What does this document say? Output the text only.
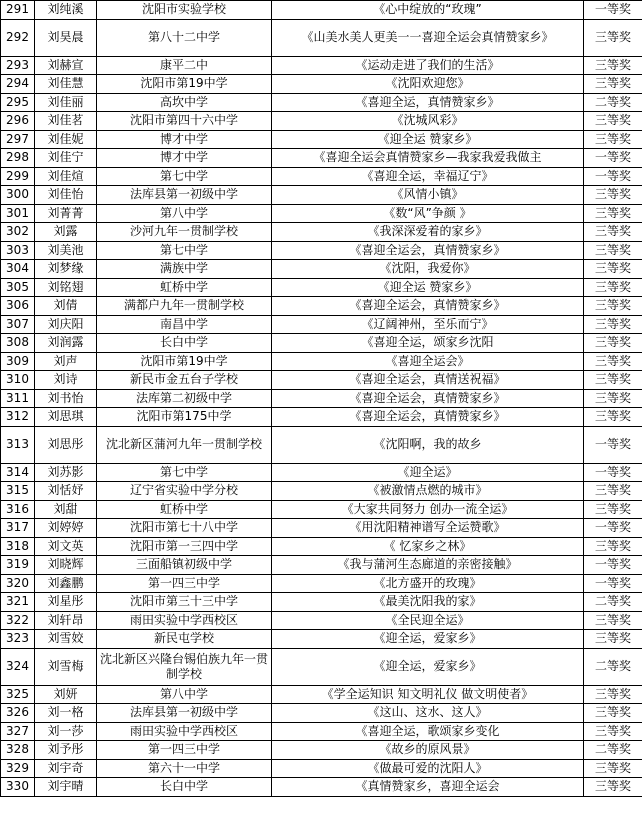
291	刘纯溪	沈阳市实验学校	《心中绽放的“玫瑰”	一等奖
292	刘昊晨	第八十二中学	《山美水美人更美一一喜迎全运会真情赞家乡》	三等奖
293	刘赫宣	康平二中	《运动走进了我们的生活》	三等奖
294	刘佳慧	沈阳市第19中学	《沈阳欢迎您》	三等奖
295	刘佳丽	高坎中学	《喜迎全运，真情赞家乡》	二等奖
296	刘佳茗	沈阳市第四十六中学	《沈城风彩》	三等奖
297	刘佳妮	博才中学	《迎全运 赞家乡》	三等奖
298	刘佳宁	博才中学	《喜迎全运会真情赞家乡—我家我爱我做主	一等奖
299	刘佳煊	第七中学	《喜迎全运，幸福辽宁》	一等奖
300	刘佳怡	法库县第一初级中学	《风情小镇》	三等奖
301	刘菁菁	第八中学	《数“风”争颜 》	三等奖
302	刘露	沙河九年一贯制学校	《我深深爱着的家乡》	三等奖
303	刘美池	第七中学	《喜迎全运会，真情赞家乡》	三等奖
304	刘梦缘	满族中学	《沈阳，我爱你》	三等奖
305	刘铭翅	虹桥中学	《迎全运 赞家乡》	三等奖
306	刘倩	满都户九年一贯制学校	《喜迎全运会，真情赞家乡》	三等奖
307	刘庆阳	南昌中学	《辽阔神州，至乐而宁》	三等奖
308	刘润露	长白中学	《喜迎全运，颂家乡沈阳	三等奖
309	刘声	沈阳市第19中学	《喜迎全运会》	三等奖
310	刘诗	新民市金五台子学校	《喜迎全运会，真情送祝福》	三等奖
311	刘书怡	法库第二初级中学	《喜迎全运会，真情赞家乡》	三等奖
312	刘思琪	沈阳市第175中学	《喜迎全运会，真情赞家乡》	三等奖
313	刘思彤	沈北新区蒲河九年一贯制学校	《沈阳啊，我的故乡	一等奖
314	刘苏影	第七中学	《迎全运》	一等奖
315	刘恬妤	辽宁省实验中学分校	《被激情点燃的城市》	三等奖
316	刘甜	虹桥中学	《大家共同努力 创办一流全运》	三等奖
317	刘婷婷	沈阳市第七十八中学	《用沈阳精神谱写全运赞歌》	一等奖
318	刘文英	沈阳市第一三四中学	《 忆家乡之林》	三等奖
319	刘晓辉	三面船镇初级中学	《我与蒲河生态廊道的亲密接触》	一等奖
320	刘鑫鹏	第一四三中学	《北方盛开的玫瑰》	一等奖
321	刘星彤	沈阳市第三十三中学	《最美沈阳我的家》	二等奖
322	刘轩昂	雨田实验中学西校区	《全民迎全运》	三等奖
323	刘雪姣	新民屯学校	《迎全运，爱家乡》	三等奖
324	刘雪梅	沈北新区兴隆台锡伯族九年一贯制学校	《迎全运，爱家乡》	二等奖
325	刘妍	第八中学	《学全运知识 知文明礼仪 做文明使者》	三等奖
326	刘一格	法库县第一初级中学	《这山、这水、这人》	三等奖
327	刘一莎	雨田实验中学西校区	《喜迎全运，歌颂家乡变化	三等奖
328	刘予彤	第一四三中学	《故乡的原风景》	二等奖
329	刘宇奇	第六十一中学	《做最可爱的沈阳人》	三等奖
330	刘宇晴	长白中学	《真情赞家乡，喜迎全运会	三等奖
